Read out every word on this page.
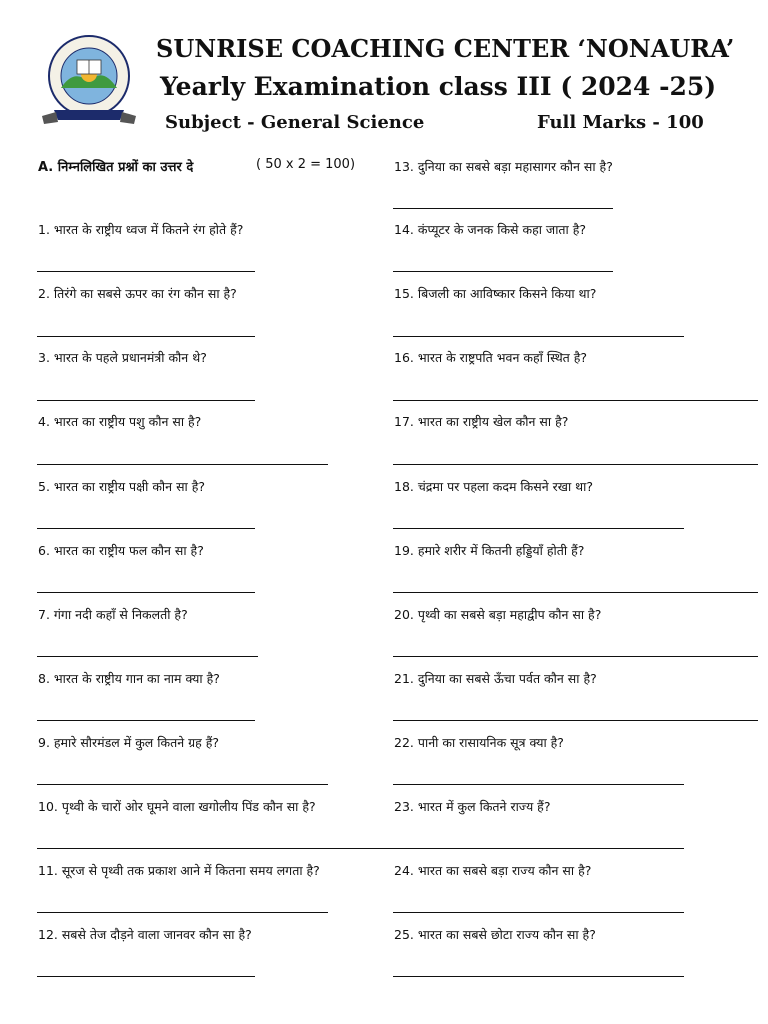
SUNRISE COACHING CENTER ‘NONAURA’
Yearly Examination class III ( 2024 -25)
Subject - General Science	Full Marks - 100
A. निम्नलिखित प्रश्नों का उत्तर दे	( 50 x 2 = 100)
1. भारत के राष्ट्रीय ध्वज में कितने रंग होते हैं?
2. तिरंगे का सबसे ऊपर का रंग कौन सा है?
3. भारत के पहले प्रधानमंत्री कौन थे?
4. भारत का राष्ट्रीय पशु कौन सा है?
5. भारत का राष्ट्रीय पक्षी कौन सा है?
6. भारत का राष्ट्रीय फल कौन सा है?
7. गंगा नदी कहाँ से निकलती है?
8. भारत के राष्ट्रीय गान का नाम क्या है?
9. हमारे सौरमंडल में कुल कितने ग्रह हैं?
10. पृथ्वी के चारों ओर घूमने वाला खगोलीय पिंड कौन सा है?
11. सूरज से पृथ्वी तक प्रकाश आने में कितना समय लगता है?
12. सबसे तेज दौड़ने वाला जानवर कौन सा है?
13. दुनिया का सबसे बड़ा महासागर कौन सा है?
14. कंप्यूटर के जनक किसे कहा जाता है?
15. बिजली का आविष्कार किसने किया था?
16. भारत के राष्ट्रपति भवन कहाँ स्थित है?
17. भारत का राष्ट्रीय खेल कौन सा है?
18. चंद्रमा पर पहला कदम किसने रखा था?
19. हमारे शरीर में कितनी हड्डियाँ होती हैं?
20. पृथ्वी का सबसे बड़ा महाद्वीप कौन सा है?
21. दुनिया का सबसे ऊँचा पर्वत कौन सा है?
22. पानी का रासायनिक सूत्र क्या है?
23. भारत में कुल कितने राज्य हैं?
24. भारत का सबसे बड़ा राज्य कौन सा है?
25. भारत का सबसे छोटा राज्य कौन सा है?
